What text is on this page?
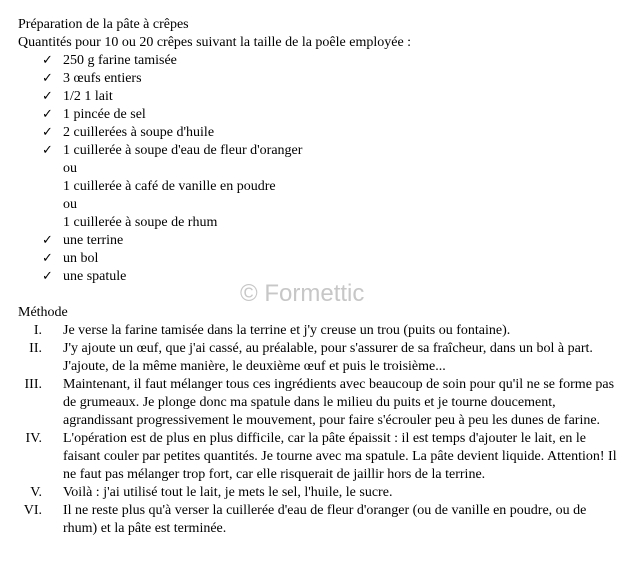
Préparation de la pâte à crêpes
Quantités pour 10 ou 20 crêpes suivant la taille de la poêle employée :
✓ 250 g farine tamisée
✓ 3 œufs entiers
✓ 1/2 1 lait
✓ 1 pincée de sel
✓ 2 cuillerées à soupe d'huile
✓ 1 cuillerée à soupe d'eau de fleur d'oranger
ou
1 cuillerée à café de vanille en poudre
ou
1 cuillerée à soupe de rhum
✓ une terrine
✓ un bol
✓ une spatule
Méthode
I. Je verse la farine tamisée dans la terrine et j'y creuse un trou (puits ou fontaine).
II. J'y ajoute un œuf, que j'ai cassé, au préalable, pour s'assurer de sa fraîcheur, dans un bol à part. J'ajoute, de la même manière, le deuxième œuf et puis le troisième...
III. Maintenant, il faut mélanger tous ces ingrédients avec beaucoup de soin pour qu'il ne se forme pas de grumeaux. Je plonge donc ma spatule dans le milieu du puits et je tourne doucement, agrandissant progressivement le mouvement, pour faire s'écrouler peu à peu les dunes de farine.
IV. L'opération est de plus en plus difficile, car la pâte épaissit : il est temps d'ajouter le lait, en le faisant couler par petites quantités. Je tourne avec ma spatule. La pâte devient liquide. Attention! Il ne faut pas mélanger trop fort, car elle risquerait de jaillir hors de la terrine.
V. Voilà : j'ai utilisé tout le lait, je mets le sel, l'huile, le sucre.
VI. Il ne reste plus qu'à verser la cuillerée d'eau de fleur d'oranger (ou de vanille en poudre, ou de rhum) et la pâte est terminée.
© Formettic
